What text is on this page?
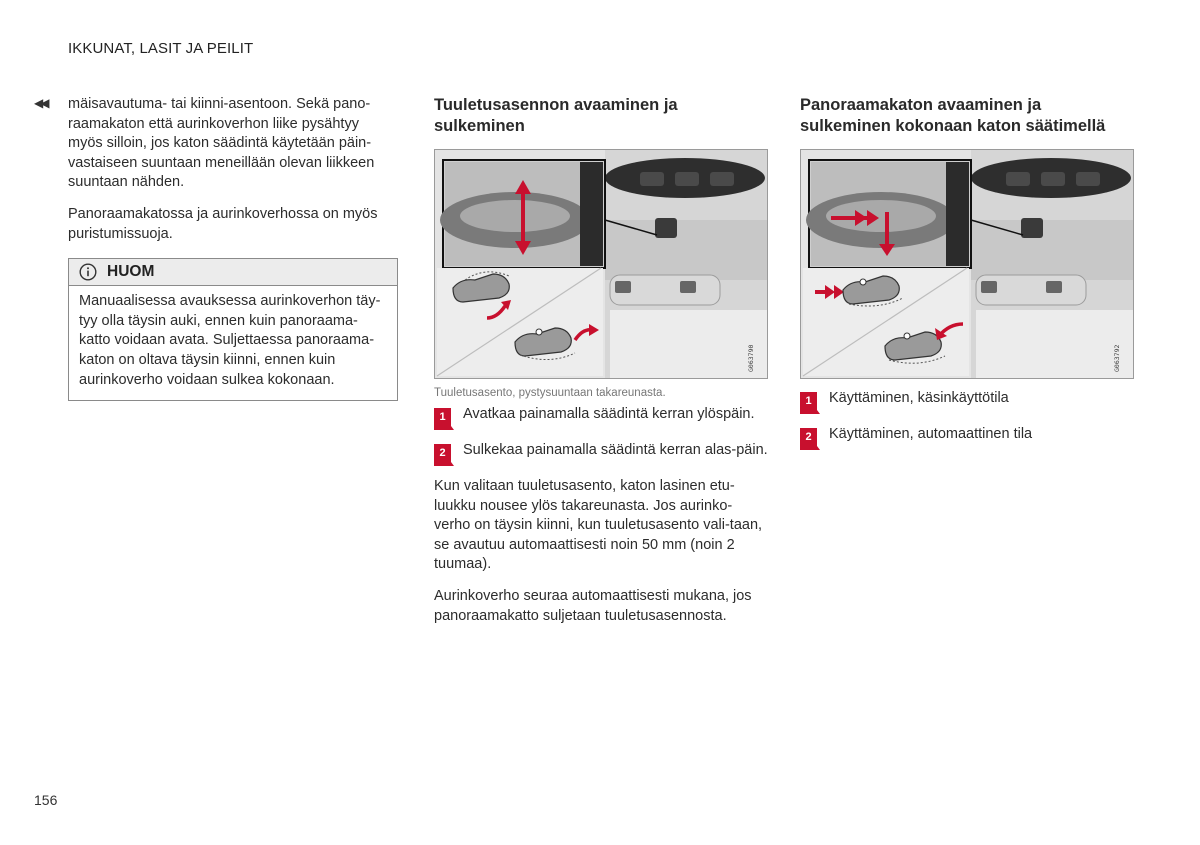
IKKUNAT, LASIT JA PEILIT
156
◀◀ mäisavautuma- tai kiinni-asentoon. Sekä pano-raamakaton että aurinkoverhon liike pysähtyy myös silloin, jos katon säädintä käytetään päin-vastaiseen suuntaan meneillään olevan liikkeen suuntaan nähden.

Panoraamakatossa ja aurinkoverhossa on myös puristumissuoja.

HUOM
Manuaalisessa avauksessa aurinkoverhon täy-tyy olla täysin auki, ennen kuin panoraama-katto voidaan avata. Suljettaessa panoraama-katon on oltava täysin kiinni, ennen kuin aurinkoverho voidaan sulkea kokonaan.
Tuuletusasennon avaaminen ja sulkeminen
G063790
Tuuletusasento, pystysuuntaan takareunasta.
1	Avatkaa painamalla säädintä kerran ylöspäin.
2	Sulkekaa painamalla säädintä kerran alas-päin.

Kun valitaan tuuletusasento, katon lasinen etu-luukku nousee ylös takareunasta. Jos aurinko-verho on täysin kiinni, kun tuuletusasento vali-taan, se avautuu automaattisesti noin 50 mm (noin 2 tuumaa).

Aurinkoverho seuraa automaattisesti mukana, jos panoraamakatto suljetaan tuuletusasennosta.

Panoraamakaton avaaminen ja sulkeminen kokonaan katon säätimellä
G063792
1	Käyttäminen, käsinkäyttötila
2	Käyttäminen, automaattinen tila
